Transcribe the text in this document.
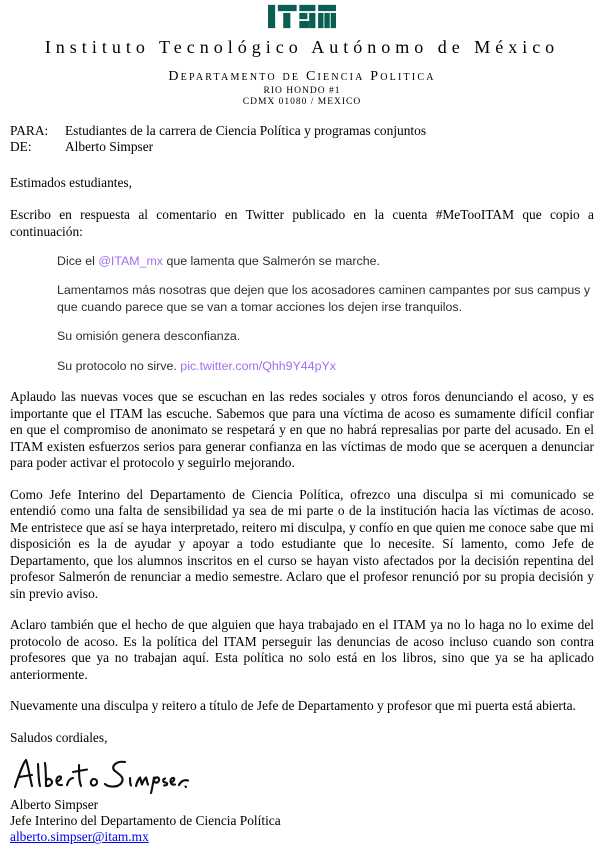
Instituto Tecnológico Autónomo de México
Departamento de Ciencia Politica
RIO HONDO #1
CDMX 01080 / MEXICO
PARA:	Estudiantes de la carrera de Ciencia Política y programas conjuntos
DE:	Alberto Simpser
Estimados estudiantes,
Escribo en respuesta al comentario en Twitter publicado en la cuenta #MeTooITAM que copio a continuación:

Dice el @ITAM_mx que lamenta que Salmerón se marche.

Lamentamos más nosotras que dejen que los acosadores caminen campantes por sus campus y que cuando parece que se van a tomar acciones los dejen irse tranquilos.

Su omisión genera desconfianza.

Su protocolo no sirve. pic.twitter.com/Qhh9Y44pYx

Aplaudo las nuevas voces que se escuchan en las redes sociales y otros foros denunciando el acoso, y es importante que el ITAM las escuche. Sabemos que para una víctima de acoso es sumamente difícil confiar en que el compromiso de anonimato se respetará y en que no habrá represalias por parte del acusado. En el ITAM existen esfuerzos serios para generar confianza en las víctimas de modo que se acerquen a denunciar para poder activar el protocolo y seguirlo mejorando.

Como Jefe Interino del Departamento de Ciencia Política, ofrezco una disculpa si mi comunicado se entendió como una falta de sensibilidad ya sea de mi parte o de la institución hacia las víctimas de acoso. Me entristece que así se haya interpretado, reitero mi disculpa, y confío en que quien me conoce sabe que mi disposición es la de ayudar y apoyar a todo estudiante que lo necesite. Sí lamento, como Jefe de Departamento, que los alumnos inscritos en el curso se hayan visto afectados por la decisión repentina del profesor Salmerón de renunciar a medio semestre. Aclaro que el profesor renunció por su propia decisión y sin previo aviso.

Aclaro también que el hecho de que alguien que haya trabajado en el ITAM ya no lo haga no lo exime del protocolo de acoso. Es la política del ITAM perseguir las denuncias de acoso incluso cuando son contra profesores que ya no trabajan aquí. Esta política no solo está en los libros, sino que ya se ha aplicado anteriormente.

Nuevamente una disculpa y reitero a título de Jefe de Departamento y profesor que mi puerta está abierta.

Saludos cordiales,
Alberto Simpser
Jefe Interino del Departamento de Ciencia Política
alberto.simpser@itam.mx
